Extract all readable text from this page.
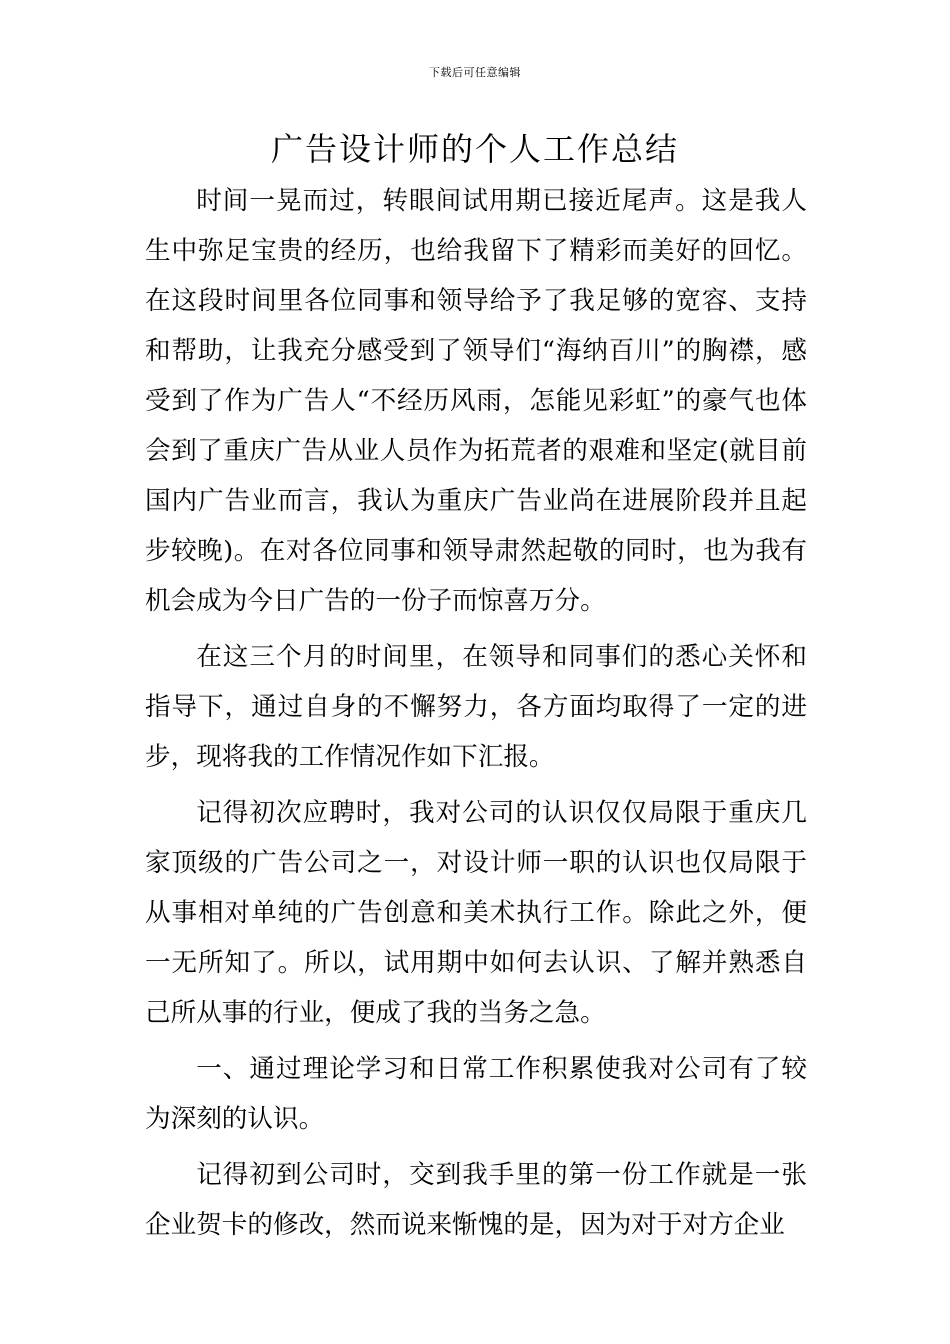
下载后可任意编辑
广告设计师的个人工作总结

时间一晃而过，转眼间试用期已接近尾声。这是我人生中弥足宝贵的经历，也给我留下了精彩而美好的回忆。在这段时间里各位同事和领导给予了我足够的宽容、支持和帮助，让我充分感受到了领导们“海纳百川”的胸襟，感受到了作为广告人“不经历风雨，怎能见彩虹”的豪气也体会到了重庆广告从业人员作为拓荒者的艰难和坚定(就目前国内广告业而言，我认为重庆广告业尚在进展阶段并且起步较晚)。在对各位同事和领导肃然起敬的同时，也为我有机会成为今日广告的一份子而惊喜万分。

在这三个月的时间里，在领导和同事们的悉心关怀和指导下，通过自身的不懈努力，各方面均取得了一定的进步，现将我的工作情况作如下汇报。

记得初次应聘时，我对公司的认识仅仅局限于重庆几家顶级的广告公司之一，对设计师一职的认识也仅局限于从事相对单纯的广告创意和美术执行工作。除此之外，便一无所知了。所以，试用期中如何去认识、了解并熟悉自己所从事的行业，便成了我的当务之急。

一、通过理论学习和日常工作积累使我对公司有了较为深刻的认识。

记得初到公司时，交到我手里的第一份工作就是一张企业贺卡的修改，然而说来惭愧的是，因为对于对方企业
